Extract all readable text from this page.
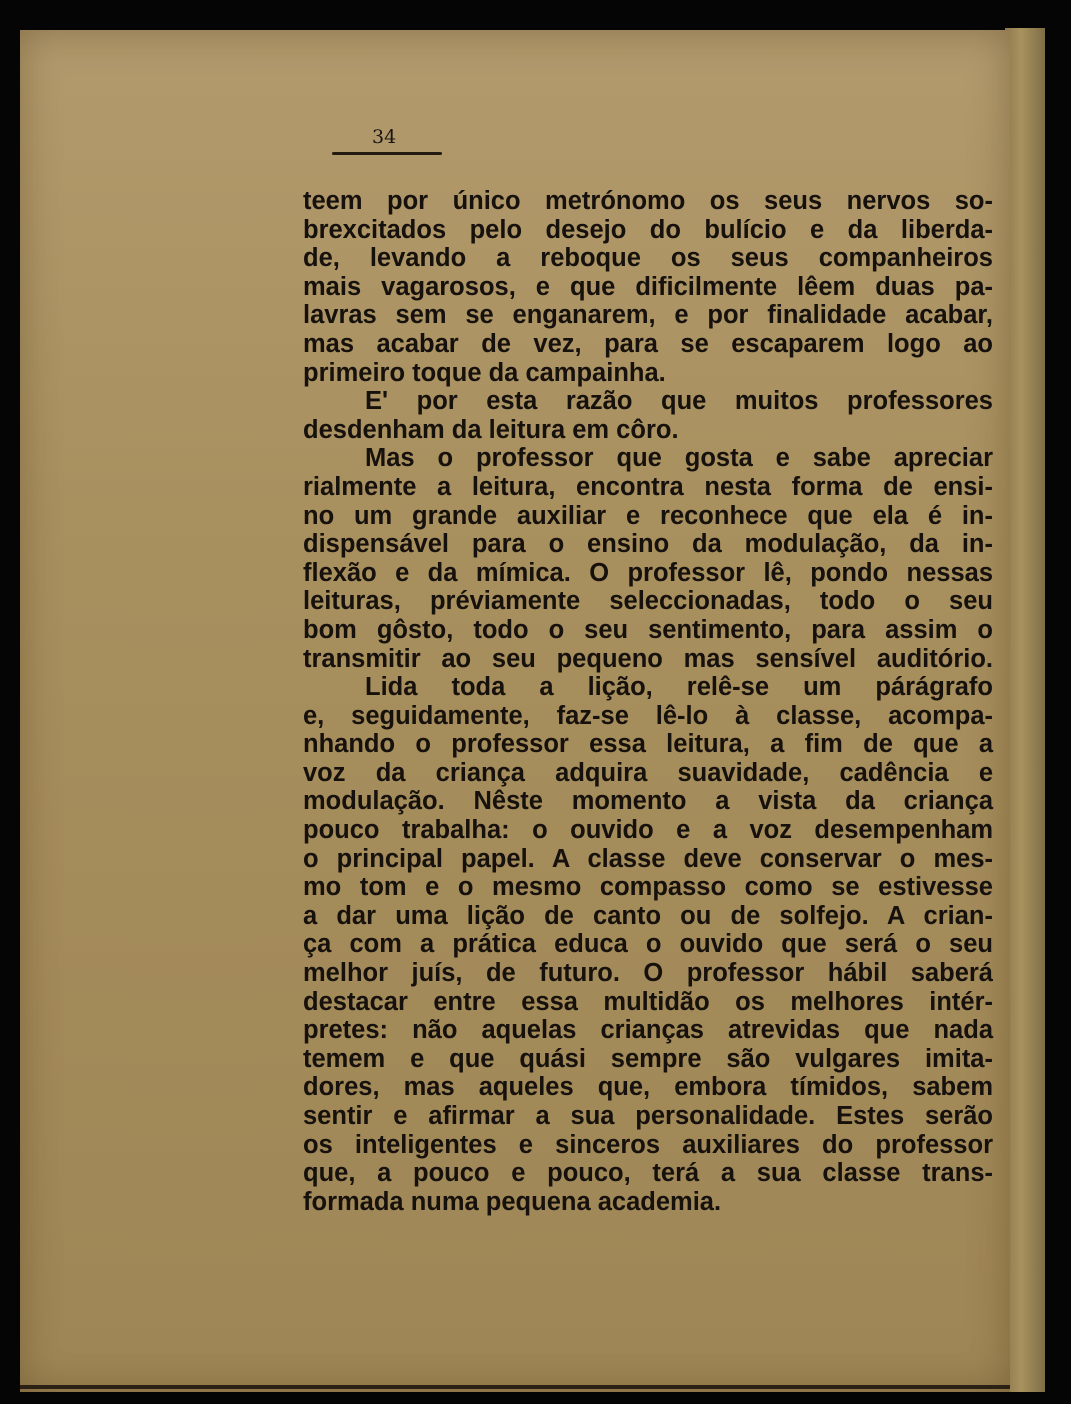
34
teem por único metrónomo os seus nervos so-
brexcitados pelo desejo do bulício e da liberda-
de, levando a reboque os seus companheiros
mais vagarosos, e que dificilmente lêem duas pa-
lavras sem se enganarem, e por finalidade acabar,
mas acabar de vez, para se escaparem logo ao
primeiro toque da campainha.
E' por esta razão que muitos professores
desdenham da leitura em côro.
Mas o professor que gosta e sabe apreciar
rialmente a leitura, encontra nesta forma de ensi-
no um grande auxiliar e reconhece que ela é in-
dispensável para o ensino da modulação, da in-
flexão e da mímica. O professor lê, pondo nessas
leituras, préviamente seleccionadas, todo o seu
bom gôsto, todo o seu sentimento, para assim o
transmitir ao seu pequeno mas sensível auditório.
Lida toda a lição, relê-se um párágrafo
e, seguidamente, faz-se lê-lo à classe, acompa-
nhando o professor essa leitura, a fim de que a
voz da criança adquira suavidade, cadência e
modulação. Nêste momento a vista da criança
pouco trabalha: o ouvido e a voz desempenham
o principal papel. A classe deve conservar o mes-
mo tom e o mesmo compasso como se estivesse
a dar uma lição de canto ou de solfejo. A crian-
ça com a prática educa o ouvido que será o seu
melhor juís, de futuro. O professor hábil saberá
destacar entre essa multidão os melhores intér-
pretes: não aquelas crianças atrevidas que nada
temem e que quási sempre são vulgares imita-
dores, mas aqueles que, embora tímidos, sabem
sentir e afirmar a sua personalidade. Estes serão
os inteligentes e sinceros auxiliares do professor
que, a pouco e pouco, terá a sua classe trans-
formada numa pequena academia.
